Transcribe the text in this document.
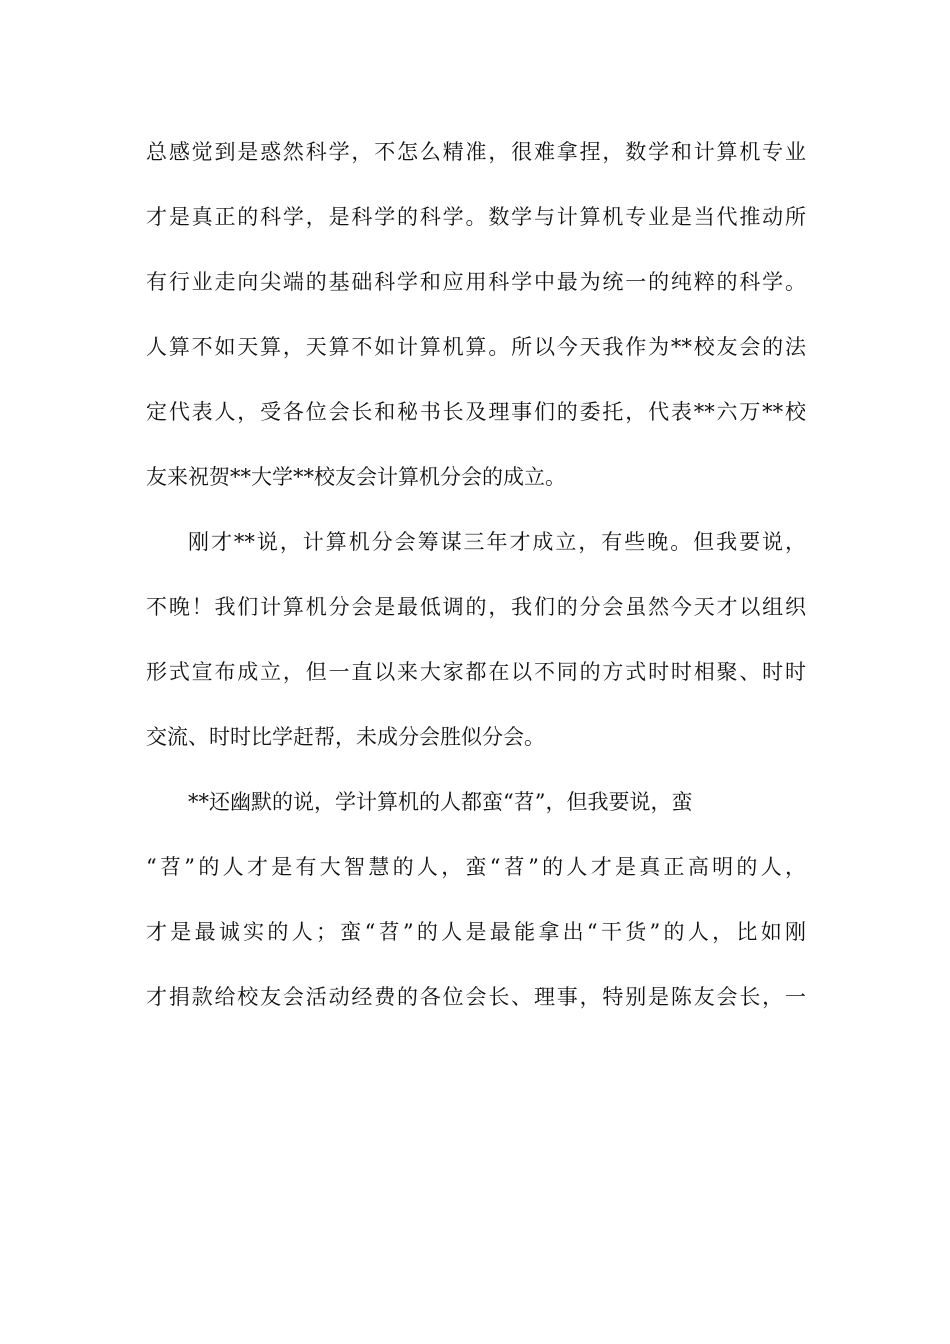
总感觉到是惑然科学，不怎么精准，很难拿捏，数学和计算机专业
才是真正的科学，是科学的科学。数学与计算机专业是当代推动所
有行业走向尖端的基础科学和应用科学中最为统一的纯粹的科学。
人算不如天算，天算不如计算机算。所以今天我作为**校友会的法
定代表人，受各位会长和秘书长及理事们的委托，代表**六万**校
友来祝贺**大学**校友会计算机分会的成立。
刚才**说，计算机分会筹谋三年才成立，有些晚。但我要说，
不晚！我们计算机分会是最低调的，我们的分会虽然今天才以组织
形式宣布成立，但一直以来大家都在以不同的方式时时相聚、时时
交流、时时比学赶帮，未成分会胜似分会。
**还幽默的说，学计算机的人都蛮“苕”，但我要说，蛮
“苕”的人才是有大智慧的人，蛮“苕”的人才是真正高明的人，
才是最诚实的人；蛮“苕”的人是最能拿出“干货”的人，比如刚
才捐款给校友会活动经费的各位会长、理事，特别是陈友会长，一
